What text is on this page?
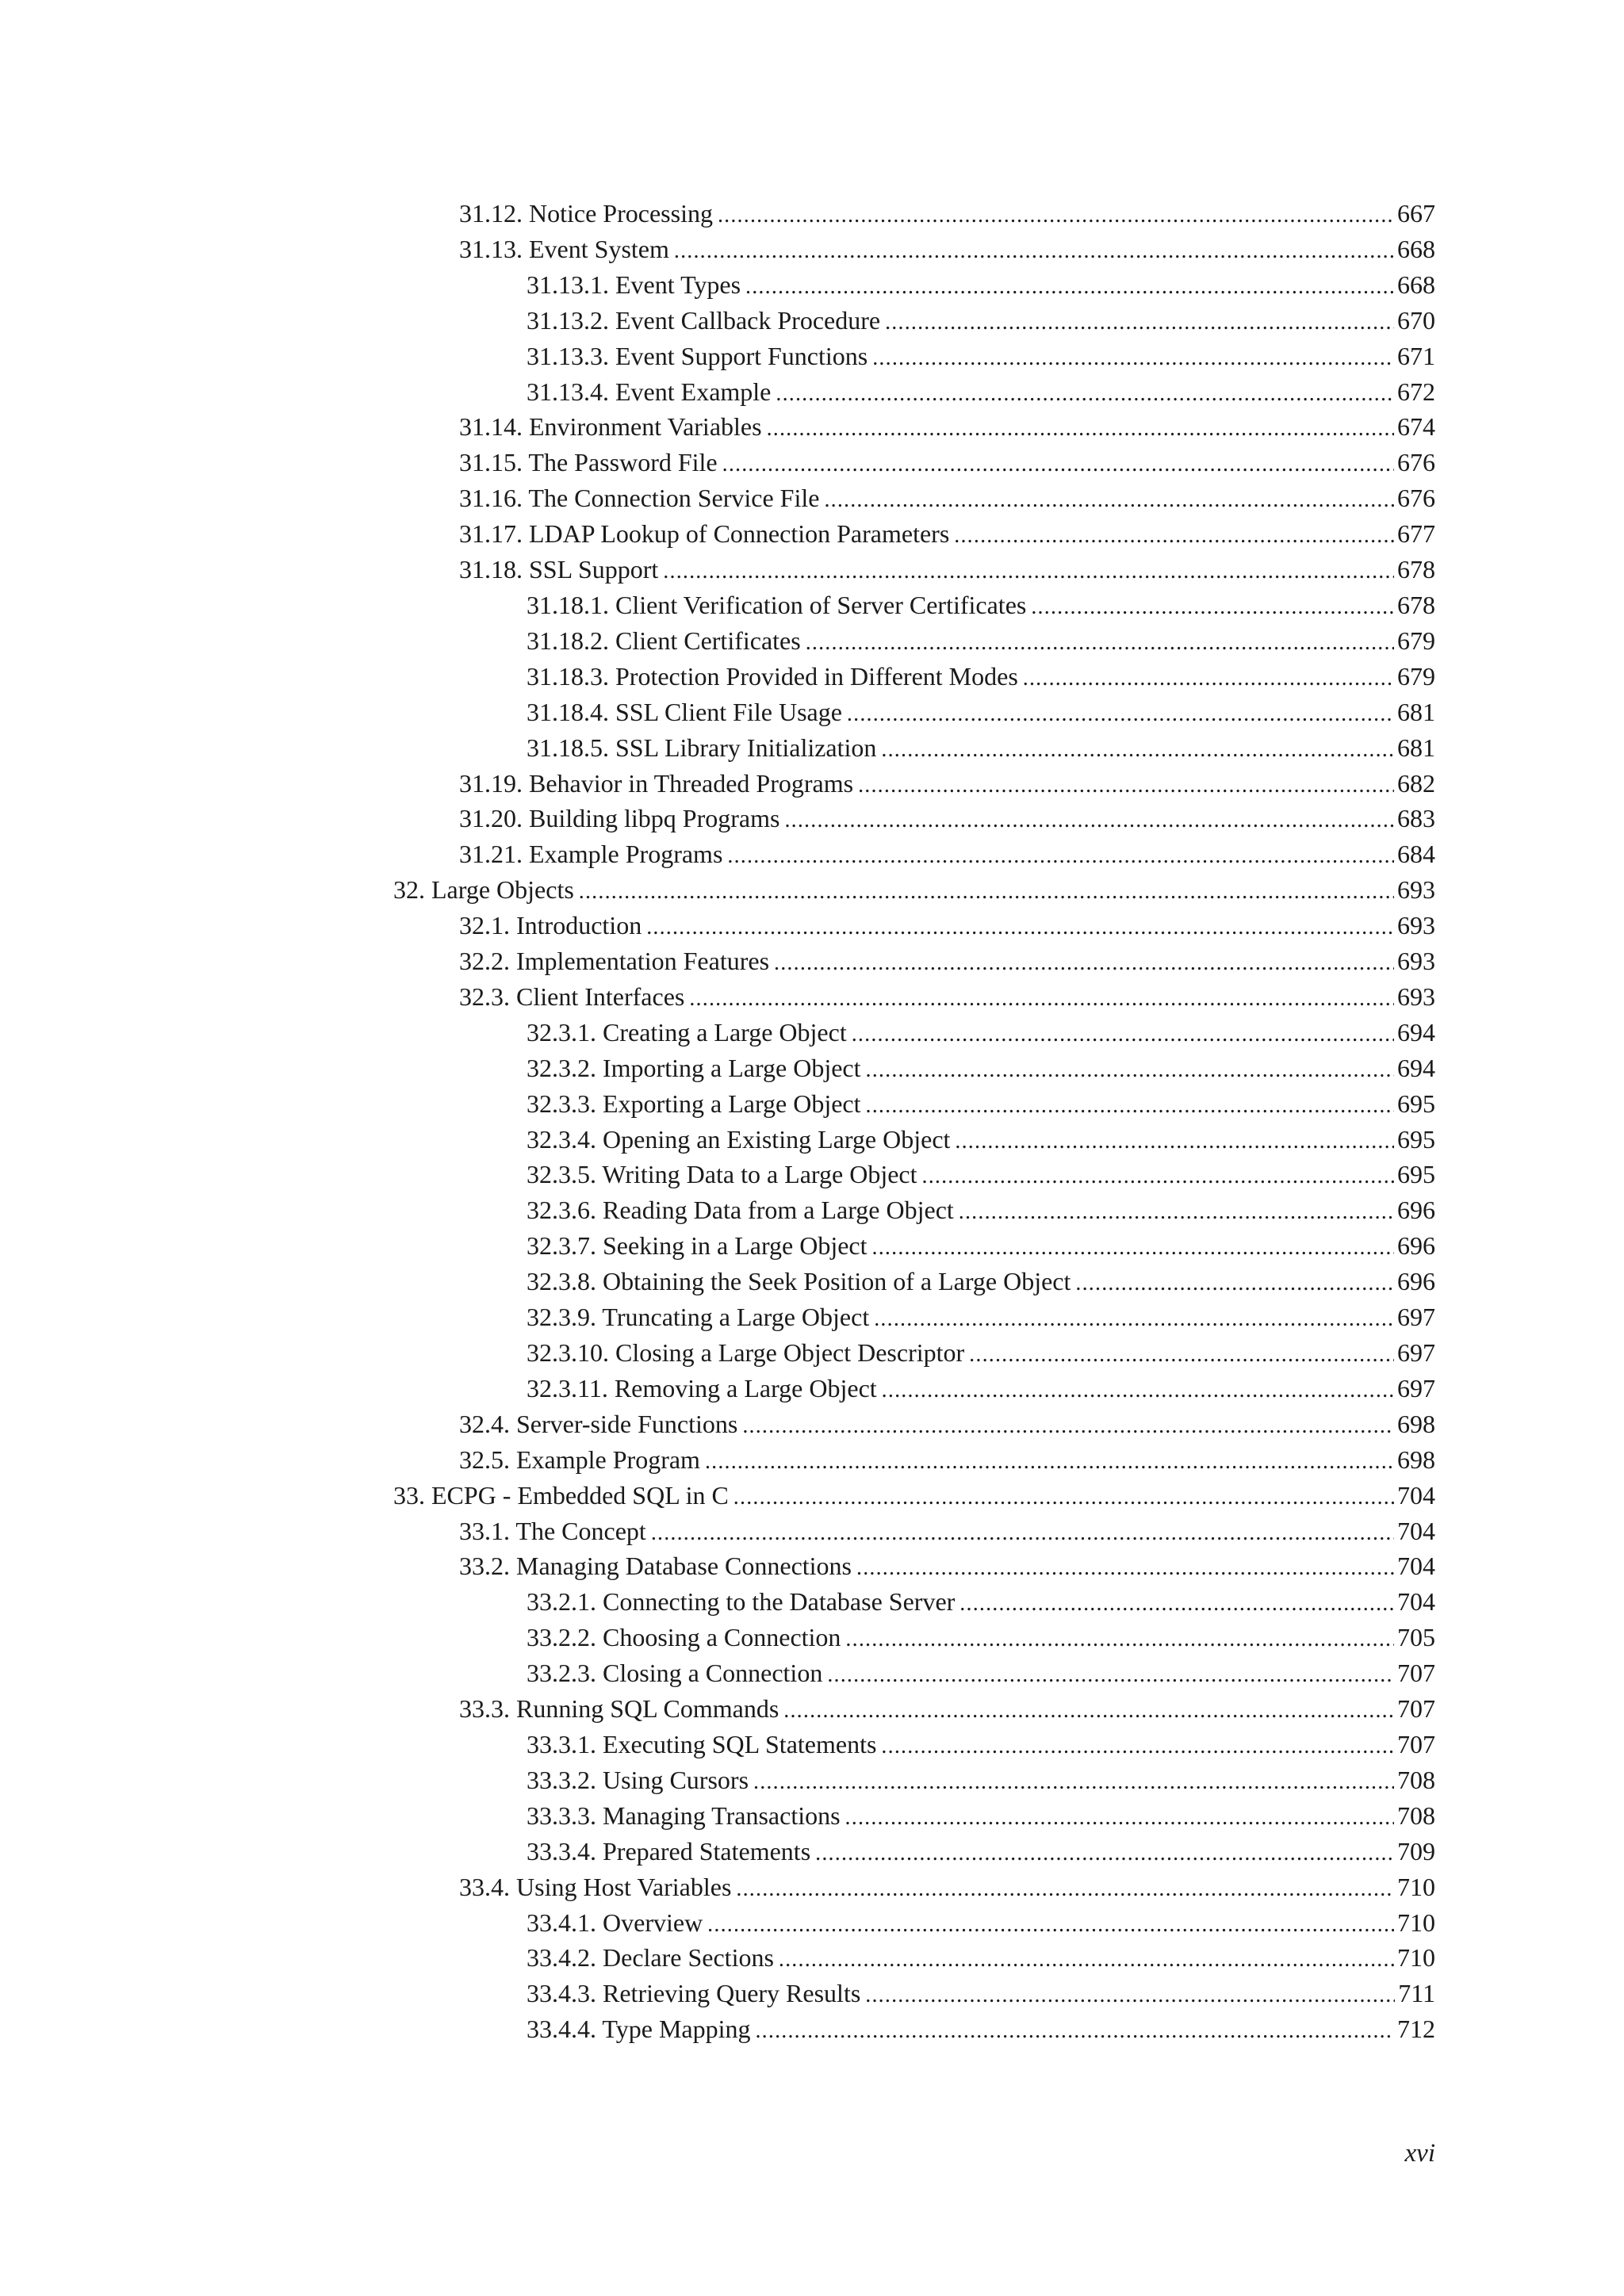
31.12. Notice Processing .....	667
31.13. Event System .....	668
31.13.1. Event Types .....	668
31.13.2. Event Callback Procedure .....	670
31.13.3. Event Support Functions .....	671
31.13.4. Event Example .....	672
31.14. Environment Variables .....	674
31.15. The Password File .....	676
31.16. The Connection Service File .....	676
31.17. LDAP Lookup of Connection Parameters .....	677
31.18. SSL Support .....	678
31.18.1. Client Verification of Server Certificates .....	678
31.18.2. Client Certificates .....	679
31.18.3. Protection Provided in Different Modes .....	679
31.18.4. SSL Client File Usage .....	681
31.18.5. SSL Library Initialization .....	681
31.19. Behavior in Threaded Programs .....	682
31.20. Building libpq Programs .....	683
31.21. Example Programs .....	684
32. Large Objects .....	693
32.1. Introduction .....	693
32.2. Implementation Features .....	693
32.3. Client Interfaces .....	693
32.3.1. Creating a Large Object .....	694
32.3.2. Importing a Large Object .....	694
32.3.3. Exporting a Large Object .....	695
32.3.4. Opening an Existing Large Object .....	695
32.3.5. Writing Data to a Large Object .....	695
32.3.6. Reading Data from a Large Object .....	696
32.3.7. Seeking in a Large Object .....	696
32.3.8. Obtaining the Seek Position of a Large Object .....	696
32.3.9. Truncating a Large Object .....	697
32.3.10. Closing a Large Object Descriptor .....	697
32.3.11. Removing a Large Object .....	697
32.4. Server-side Functions .....	698
32.5. Example Program .....	698
33. ECPG - Embedded SQL in C .....	704
33.1. The Concept .....	704
33.2. Managing Database Connections .....	704
33.2.1. Connecting to the Database Server .....	704
33.2.2. Choosing a Connection .....	705
33.2.3. Closing a Connection .....	707
33.3. Running SQL Commands .....	707
33.3.1. Executing SQL Statements .....	707
33.3.2. Using Cursors .....	708
33.3.3. Managing Transactions .....	708
33.3.4. Prepared Statements .....	709
33.4. Using Host Variables .....	710
33.4.1. Overview .....	710
33.4.2. Declare Sections .....	710
33.4.3. Retrieving Query Results .....	711
33.4.4. Type Mapping .....	712
xvi
